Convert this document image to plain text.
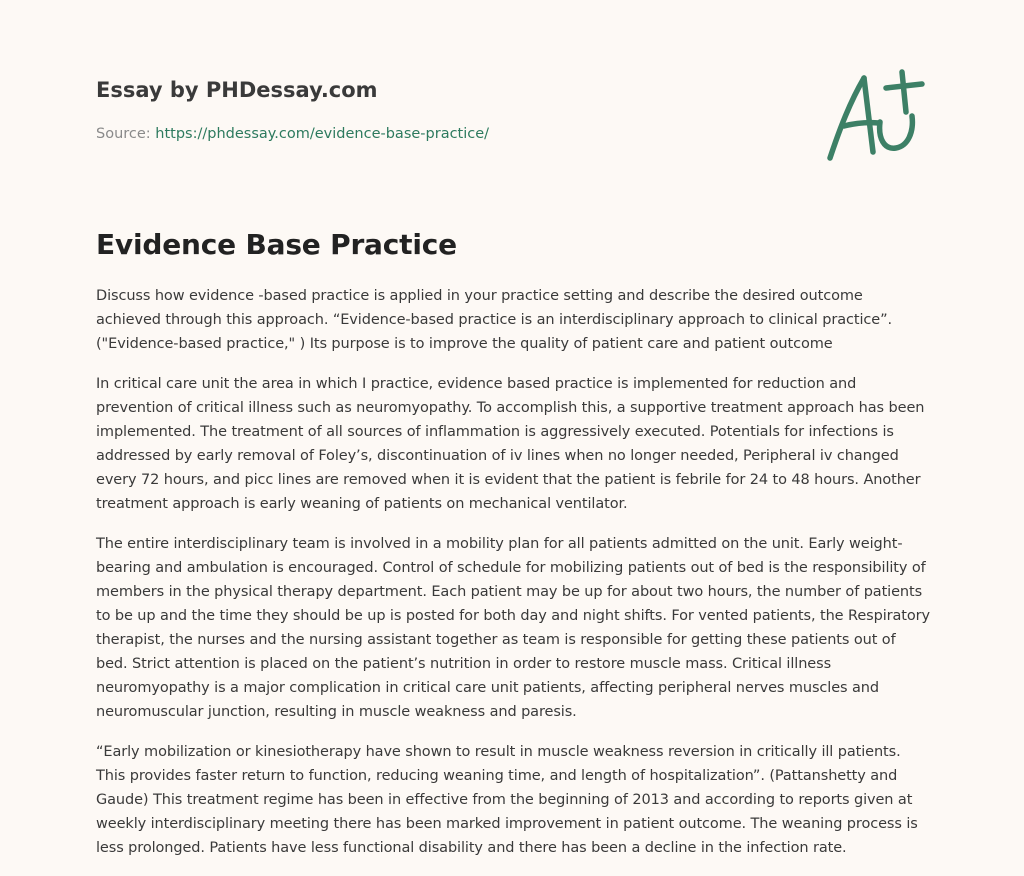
Essay by PHDessay.com
Source: https://phdessay.com/evidence-base-practice/
Evidence Base Practice

Discuss how evidence -based practice is applied in your practice setting and describe the desired outcome achieved through this approach. “Evidence-based practice is an interdisciplinary approach to clinical practice”. ("Evidence-based practice," ) Its purpose is to improve the quality of patient care and patient outcome

In critical care unit the area in which I practice, evidence based practice is implemented for reduction and prevention of critical illness such as neuromyopathy. To accomplish this, a supportive treatment approach has been implemented. The treatment of all sources of inflammation is aggressively executed. Potentials for infections is addressed by early removal of Foley’s, discontinuation of iv lines when no longer needed, Peripheral iv changed every 72 hours, and picc lines are removed when it is evident that the patient is febrile for 24 to 48 hours. Another treatment approach is early weaning of patients on mechanical ventilator.

The entire interdisciplinary team is involved in a mobility plan for all patients admitted on the unit. Early weight-bearing and ambulation is encouraged. Control of schedule for mobilizing patients out of bed is the responsibility of members in the physical therapy department. Each patient may be up for about two hours, the number of patients to be up and the time they should be up is posted for both day and night shifts. For vented patients, the Respiratory therapist, the nurses and the nursing assistant together as team is responsible for getting these patients out of bed. Strict attention is placed on the patient’s nutrition in order to restore muscle mass. Critical illness neuromyopathy is a major complication in critical care unit patients, affecting peripheral nerves muscles and neuromuscular junction, resulting in muscle weakness and paresis.

“Early mobilization or kinesiotherapy have shown to result in muscle weakness reversion in critically ill patients. This provides faster return to function, reducing weaning time, and length of hospitalization”. (Pattanshetty and Gaude) This treatment regime has been in effective from the beginning of 2013 and according to reports given at weekly interdisciplinary meeting there has been marked improvement in patient outcome. The weaning process is less prolonged. Patients have less functional disability and there has been a decline in the infection rate.
